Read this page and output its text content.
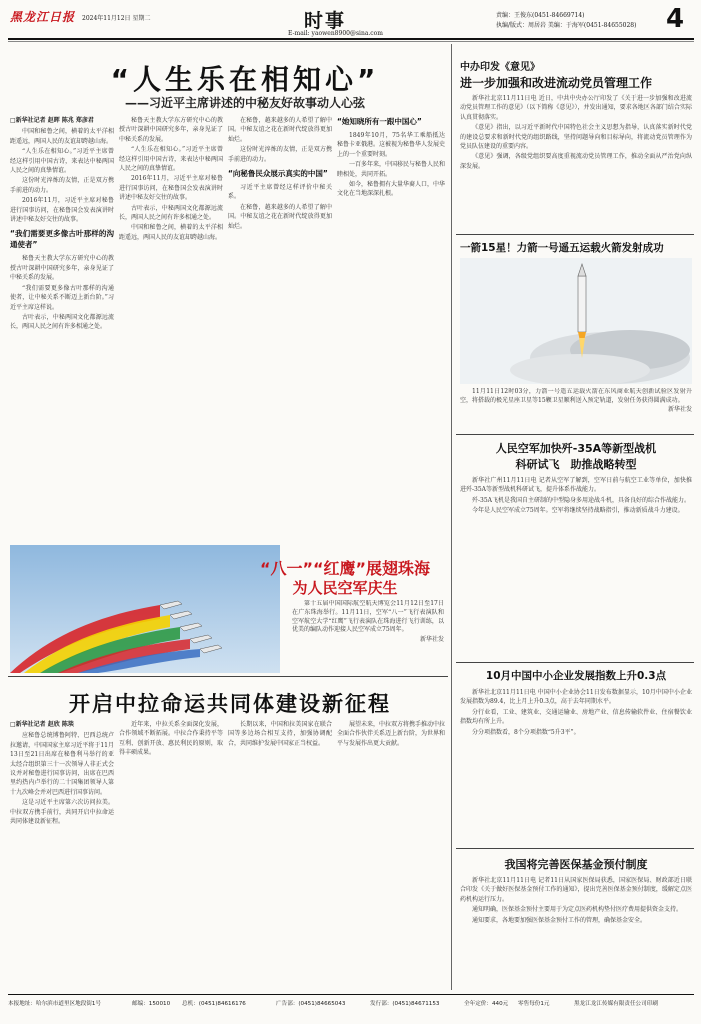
黑龙江日报 2024年11月12日 星期二	时事
E-mail: yaowen8900@sina.com
责编：王俊东(0451-84669714)
执编/版式：周居岩 美编：于海军(0451-84655028) 4
“人生乐在相知心”
——习近平主席讲述的中秘友好故事动人心弦
□新华社记者 赵晖 陈兆 郑彦君

中国和秘鲁之间，横着的太平洋相距遥远，两国人民的友谊却跨越山海。

“人生乐在相知心。”习近平主席曾经这样引用中国古诗，来表达中秘两国人民之间的真挚情谊。

这份时光淬炼的友情，正是双方携手前进的动力。

2016年11月，习近平主席对秘鲁进行国事访问，在秘鲁国会发表演讲时讲述中秘友好交往的故事。

“我们需要更多像古叶那样的沟通使者”

秘鲁天主教大学东方研究中心的教授古叶深耕中国研究多年，亲身见证了中秘关系的发展。

“我们需要更多像古叶那样的沟通使者，让中秘关系不断迈上新台阶。”习近平主席这样说。

古叶表示，中秘两国文化都源远流长，两国人民之间有许多相通之处。

秘鲁天主教大学东方研究中心的教授古叶深耕中国研究多年，亲身见证了中秘关系的发展。

“人生乐在相知心。”习近平主席曾经这样引用中国古诗，来表达中秘两国人民之间的真挚情谊。

2016年11月，习近平主席对秘鲁进行国事访问，在秘鲁国会发表演讲时讲述中秘友好交往的故事。

古叶表示，中秘两国文化都源远流长，两国人民之间有许多相通之处。

中国和秘鲁之间，横着的太平洋相距遥远，两国人民的友谊却跨越山海。

在秘鲁，越来越多的人希望了解中国。中秘友谊之花在新时代绽放得更加灿烂。

这份时光淬炼的友情，正是双方携手前进的动力。

“向秘鲁民众展示真实的中国”

习近平主席曾经这样评价中秘关系。

在秘鲁，越来越多的人希望了解中国。中秘友谊之花在新时代绽放得更加灿烂。

“她知晓所有一跟中国心”

1849年10月，75名华工乘船抵达秘鲁卡亚俄港。这被视为秘鲁华人发展史上的一个重要时刻。

一百多年来，中国移民与秘鲁人民和睦相处，共同开拓。

如今，秘鲁拥有大量华裔人口，中华文化在当地深深扎根。

“八一”“红鹰”展翅珠海
为人民空军庆生

第十五届中国国际航空航天博览会11月12日至17日在广东珠海举行。11月11日，空军“八一”飞行表演队和空军航空大学“红鹰”飞行表演队在珠海进行飞行训练，以优美的编队动作迎接人民空军成立75周年。

新华社发
开启中拉命运共同体建设新征程
□新华社记者 赵欣 陈琰

应秘鲁总统博鲁阿特、巴西总统卢拉邀请，中国国家主席习近平将于11月13日至21日出席在秘鲁利马举行的亚太经合组织第三十一次领导人非正式会议并对秘鲁进行国事访问，出席在巴西里约热内卢举行的二十国集团领导人第十九次峰会并对巴西进行国事访问。

这是习近平主席第六次访问拉美。中拉双方携手前行，共同开启中拉命运共同体建设新征程。

近年来，中拉关系全面深化发展，合作领域不断拓展。中拉合作秉持平等互利、创新开放、惠民利民的原则，取得丰硕成果。

长期以来，中国和拉美国家在联合国等多边场合相互支持，加强协调配合，共同维护发展中国家正当权益。

展望未来，中拉双方将携手推动中拉全面合作伙伴关系迈上新台阶，为世界和平与发展作出更大贡献。

中办印发《意见》
进一步加强和改进流动党员管理工作

新华社北京11月11日电 近日，中共中央办公厅印发了《关于进一步加强和改进流动党员管理工作的意见》（以下简称《意见》），并发出通知，要求各地区各部门结合实际认真贯彻落实。

《意见》指出，以习近平新时代中国特色社会主义思想为指导，认真落实新时代党的建设总要求和新时代党的组织路线，坚持问题导向和目标导向，将流动党员管理作为党员队伍建设的重要内容。

《意见》强调，各级党组织要高度重视流动党员管理工作，推动全面从严治党向纵深发展。

一箭15星！力箭一号遥五运载火箭发射成功

11月11日12时03分，力箭一号遥五运载火箭在东风商业航天创新试验区发射升空，将搭载的极光星座卫星等15颗卫星顺利送入预定轨道，发射任务获得圆满成功。

新华社发
人民空军加快歼-35A等新型战机
科研试飞　助推战略转型

新华社广州11月11日电 记者从空军了解到，空军日前与航空工业等单位，加快推进歼-35A等新型战机科研试飞，提升体系作战能力。

歼-35A飞机是我国自主研制的中型隐身多用途战斗机，具备良好的综合作战能力。

今年是人民空军成立75周年。空军将继续坚持战略指引，推动新质战斗力建设。

10月中国中小企业发展指数上升0.3点

新华社北京11月11日电 中国中小企业协会11日发布数据显示，10月中国中小企业发展指数为89.4，比上月上升0.3点，高于去年同期水平。

分行业看，工业、建筑业、交通运输业、房地产业、信息传输软件业、住宿餐饮业指数均有所上升。

分分项指数看，8个分项指数“5升3平”。

我国将完善医保基金预付制度

新华社北京11月11日电 记者11日从国家医保局获悉，国家医保局、财政部近日联合印发《关于做好医保基金预付工作的通知》，提出完善医保基金预付制度，缓解定点医药机构运行压力。

通知明确，医保基金预付主要用于为定点医药机构垫付医疗费用提供资金支持。

通知要求，各地要加强医保基金预付工作的管理，确保基金安全。

本报地址：哈尔滨市道里区地段街1号	邮编：150010 总机：(0451)84616176	广告部：(0451)84665043	发行部：(0451)84671153	全年定价：440元 零售每份1元	黑龙江龙江传媒有限责任公司印刷
